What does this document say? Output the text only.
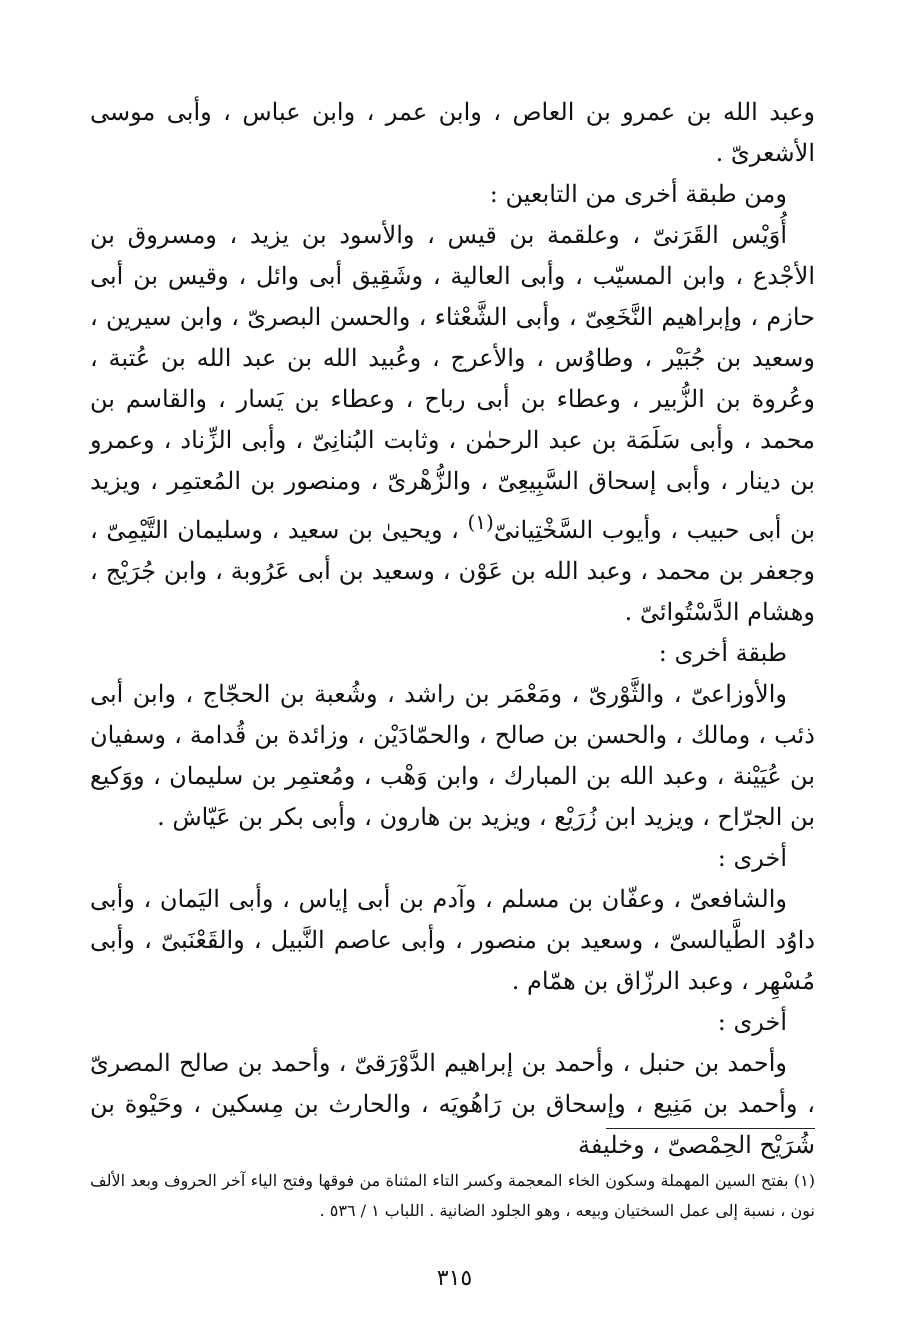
وعبد الله بن عمرو بن العاص ، وابن عمر ، وابن عباس ، وأبى موسى الأشعرىّ .

ومن طبقة أخرى من التابعين :

أُوَيْس القَرَنىّ ، وعلقمة بن قيس ، والأسود بن يزيد ، ومسروق بن الأجْدع ، وابن المسيّب ، وأبى العالية ، وشَقِيق أبى وائل ، وقيس بن أبى حازم ، وإبراهيم النَّخَعِىّ ، وأبى الشَّعْثاء ، والحسن البصرىّ ، وابن سيرين ، وسعيد بن جُبَيْر ، وطاوُس ، والأعرج ، وعُبيد الله بن عبد الله بن عُتبة ، وعُروة بن الزُّبير ، وعطاء بن أبى رباح ، وعطاء بن يَسار ، والقاسم بن محمد ، وأبى سَلَمَة بن عبد الرحمٰن ، وثابت البُنانِىّ ، وأبى الزِّناد ، وعمرو بن دينار ، وأبى إسحاق السَّبِيعِىّ ، والزُّهْرىّ ، ومنصور بن المُعتمِر ، ويزيد بن أبى حبيب ، وأيوب السَّخْتِيانىّ$^{(١)}$ ، ويحيىٰ بن سعيد ، وسليمان التَّيْمِىّ ، وجعفر بن محمد ، وعبد الله بن عَوْن ، وسعيد بن أبى عَرُوبة ، وابن جُرَيْج ، وهشام الدَّسْتُوائىّ .

طبقة أخرى :

والأوزاعىّ ، والثَّوْرىّ ، ومَعْمَر بن راشد ، وشُعبة بن الحجّاج ، وابن أبى ذئب ، ومالك ، والحسن بن صالح ، والحمّادَيْن ، وزائدة بن قُدامة ، وسفيان بن عُيَيْنة ، وعبد الله بن المبارك ، وابن وَهْب ، ومُعتمِر بن سليمان ، ووَكيع بن الجرّاح ، ويزيد ابن زُرَيْع ، ويزيد بن هارون ، وأبى بكر بن عَيّاش .

أخرى :

والشافعىّ ، وعفّان بن مسلم ، وآدم بن أبى إياس ، وأبى اليَمان ، وأبى داوُد الطَّيالسىّ ، وسعيد بن منصور ، وأبى عاصم النَّبيل ، والقَعْنَبىّ ، وأبى مُسْهِر ، وعبد الرزّاق بن همّام .

أخرى :

وأحمد بن حنبل ، وأحمد بن إبراهيم الدَّوْرَقىّ ، وأحمد بن صالح المصرىّ ، وأحمد بن مَنِيع ، وإسحاق بن رَاهُويَه ، والحارث بن مِسكين ، وحَيْوة بن شُرَيْح الحِمْصىّ ، وخليفة

(١) بفتح السين المهملة وسكون الخاء المعجمة وكسر التاء المثناة من فوقها وفتح الياء آخر الحروف وبعد الألف نون ، نسبة إلى عمل السختيان وبيعه ، وهو الجلود الضانية . اللباب ١ / ٥٣٦ .

٣١٥
